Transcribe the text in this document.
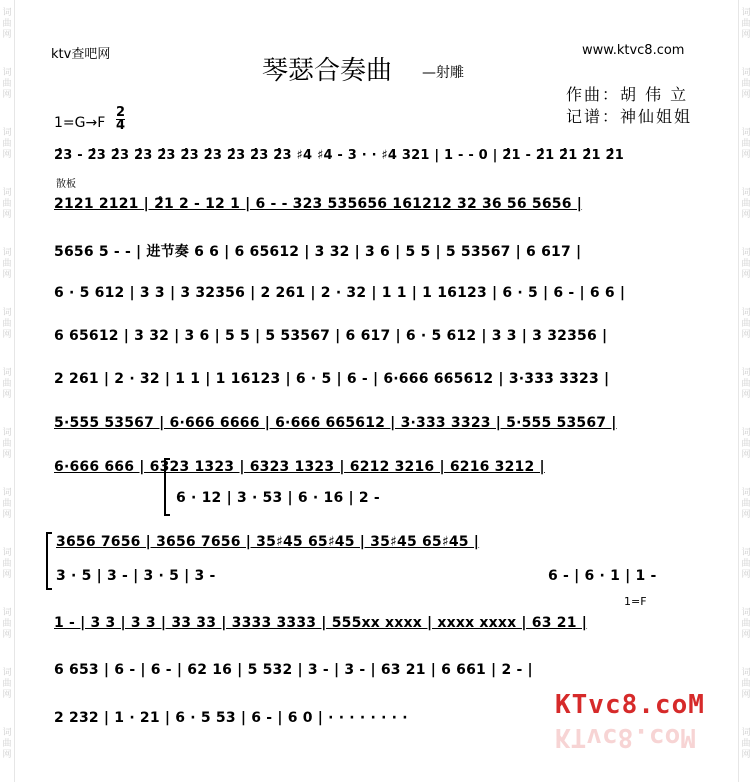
词曲网
词曲网
词曲网
词曲网
词曲网
词曲网
词曲网
词曲网
词曲网
词曲网
词曲网
词曲网
词曲网
词曲网
词曲网
词曲网
词曲网
词曲网
词曲网
词曲网
词曲网
词曲网
词曲网
词曲网
词曲网
词曲网
ktv查吧网	www.ktvc8.com
琴瑟合奏曲 —射雕
作曲：胡 伟 立
记谱：神仙姐姐
1=G→F
2
4
2̂3 - 2̂3 2̂3 2̂3 2̂3 2̂3 2̂3 2̂3 2̂3 2̂3 ♯4 ♯4 - 3 · · ♯4 321 | 1 - - 0 | 2̂1 - 2̂1 2̂1 2̂1 2̂1
散板
2121 2121 | 2̂1 2 - 12 1 | 6 - - 323 535656 161212 32 36 56 5656 |
5656 5 - - | 进节奏 6 6 | 6 65612 | 3 32 | 3 6 | 5 5 | 5 53567 | 6 617 |
6 · 5 612 | 3 3 | 3 32356 | 2 261 | 2 · 32 | 1 1 | 1 16123 | 6 · 5 | 6 - | 6 6 |
6 65612 | 3 32 | 3 6 | 5 5 | 5 53567 | 6 617 | 6 · 5 612 | 3 3 | 3 32356 |
2 261 | 2 · 32 | 1 1 | 1 16123 | 6 · 5 | 6 - | 6·666 665612 | 3·333 3323 |
5·555 53567 | 6·666 6666 | 6·666 665612 | 3·333 3323 | 5·555 53567 |
6·666 666 | 6323 1323 | 6323 1323 | 6212 3216 | 6216 3212 |
6 · 12 | 3 · 53 | 6 · 16 | 2 -
3656 7656 | 3656 7656 | 35♯45 65♯45 | 35♯45 65♯45 |
3 · 5 | 3 - | 3 · 5 | 3 -	6 - | 6 · 1 | 1 -
1=F
1 - | 3 3 | 3 3 | 33 33 | 3333 3333 | 555xx xxxx | xxxx xxxx | 63 21 |
6 653 | 6 - | 6 - | 62 16 | 5 532 | 3 - | 3 - | 63 21 | 6 661 | 2 - |
2 232 | 1 · 21 | 6 · 5 53 | 6 - | 6 0 | · · · · · · · ·	KTvc8.coM
KTvc8.coM
